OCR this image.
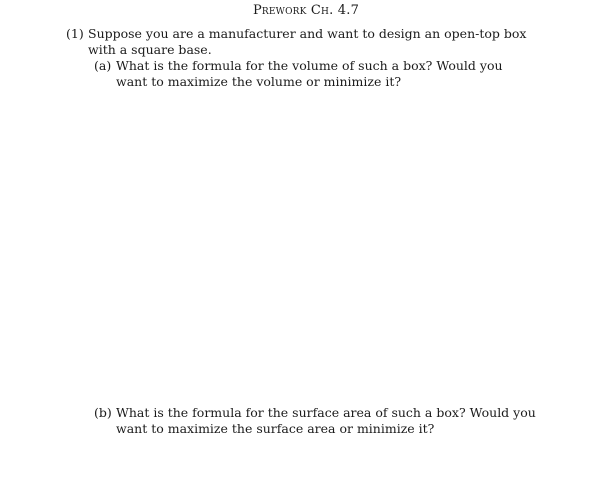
Prework Ch. 4.7
(1) Suppose you are a manufacturer and want to design an open-top box with a square base.
(a) What is the formula for the volume of such a box? Would you want to maximize the volume or minimize it?
(b) What is the formula for the surface area of such a box? Would you want to maximize the surface area or minimize it?
